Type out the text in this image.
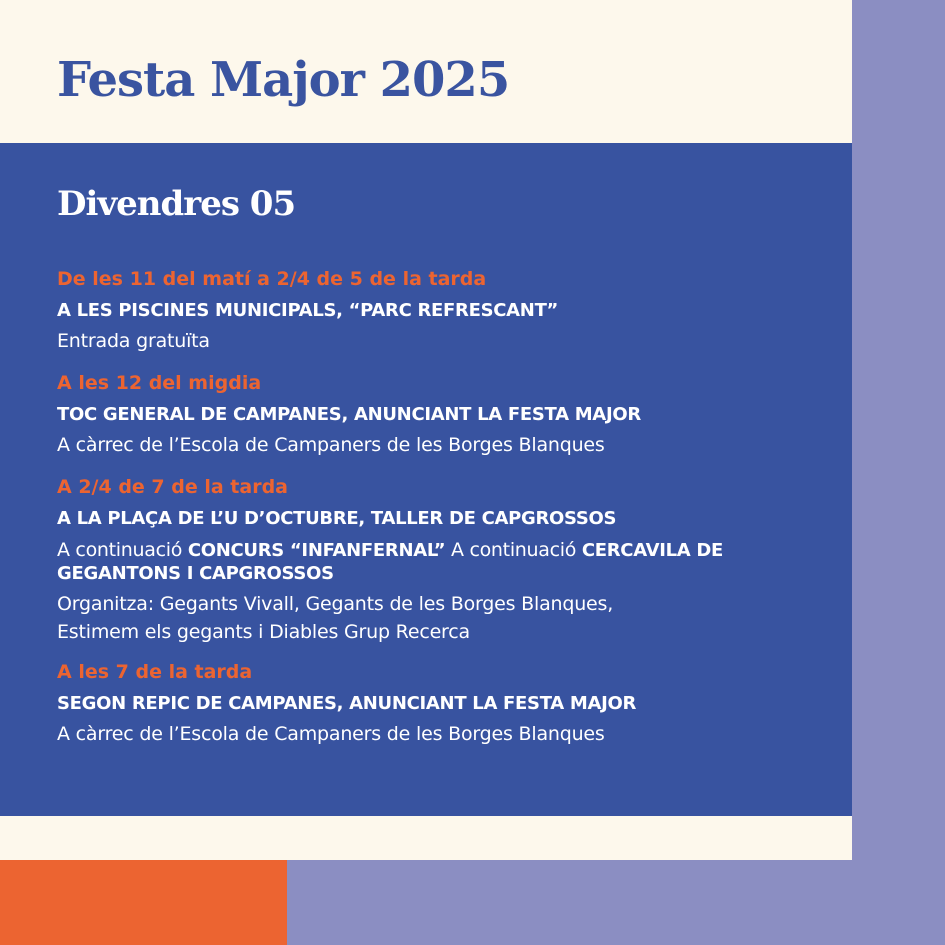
Festa Major 2025
Divendres 05
De les 11 del matí a 2/4 de 5 de la tarda
A LES PISCINES MUNICIPALS, “PARC REFRESCANT”
Entrada gratuïta
A les 12 del migdia
TOC GENERAL DE CAMPANES, ANUNCIANT LA FESTA MAJOR
A càrrec de l’Escola de Campaners de les Borges Blanques
A 2/4 de 7 de la tarda
A LA PLAÇA DE L’U D’OCTUBRE, TALLER DE CAPGROSSOS
A continuació CONCURS “INFANFERNAL” A continuació CERCAVILA DE GEGANTONS I CAPGROSSOS
Organitza: Gegants Vivall, Gegants de les Borges Blanques,
Estimem els gegants i Diables Grup Recerca
A les 7 de la tarda
SEGON REPIC DE CAMPANES, ANUNCIANT LA FESTA MAJOR
A càrrec de l’Escola de Campaners de les Borges Blanques
